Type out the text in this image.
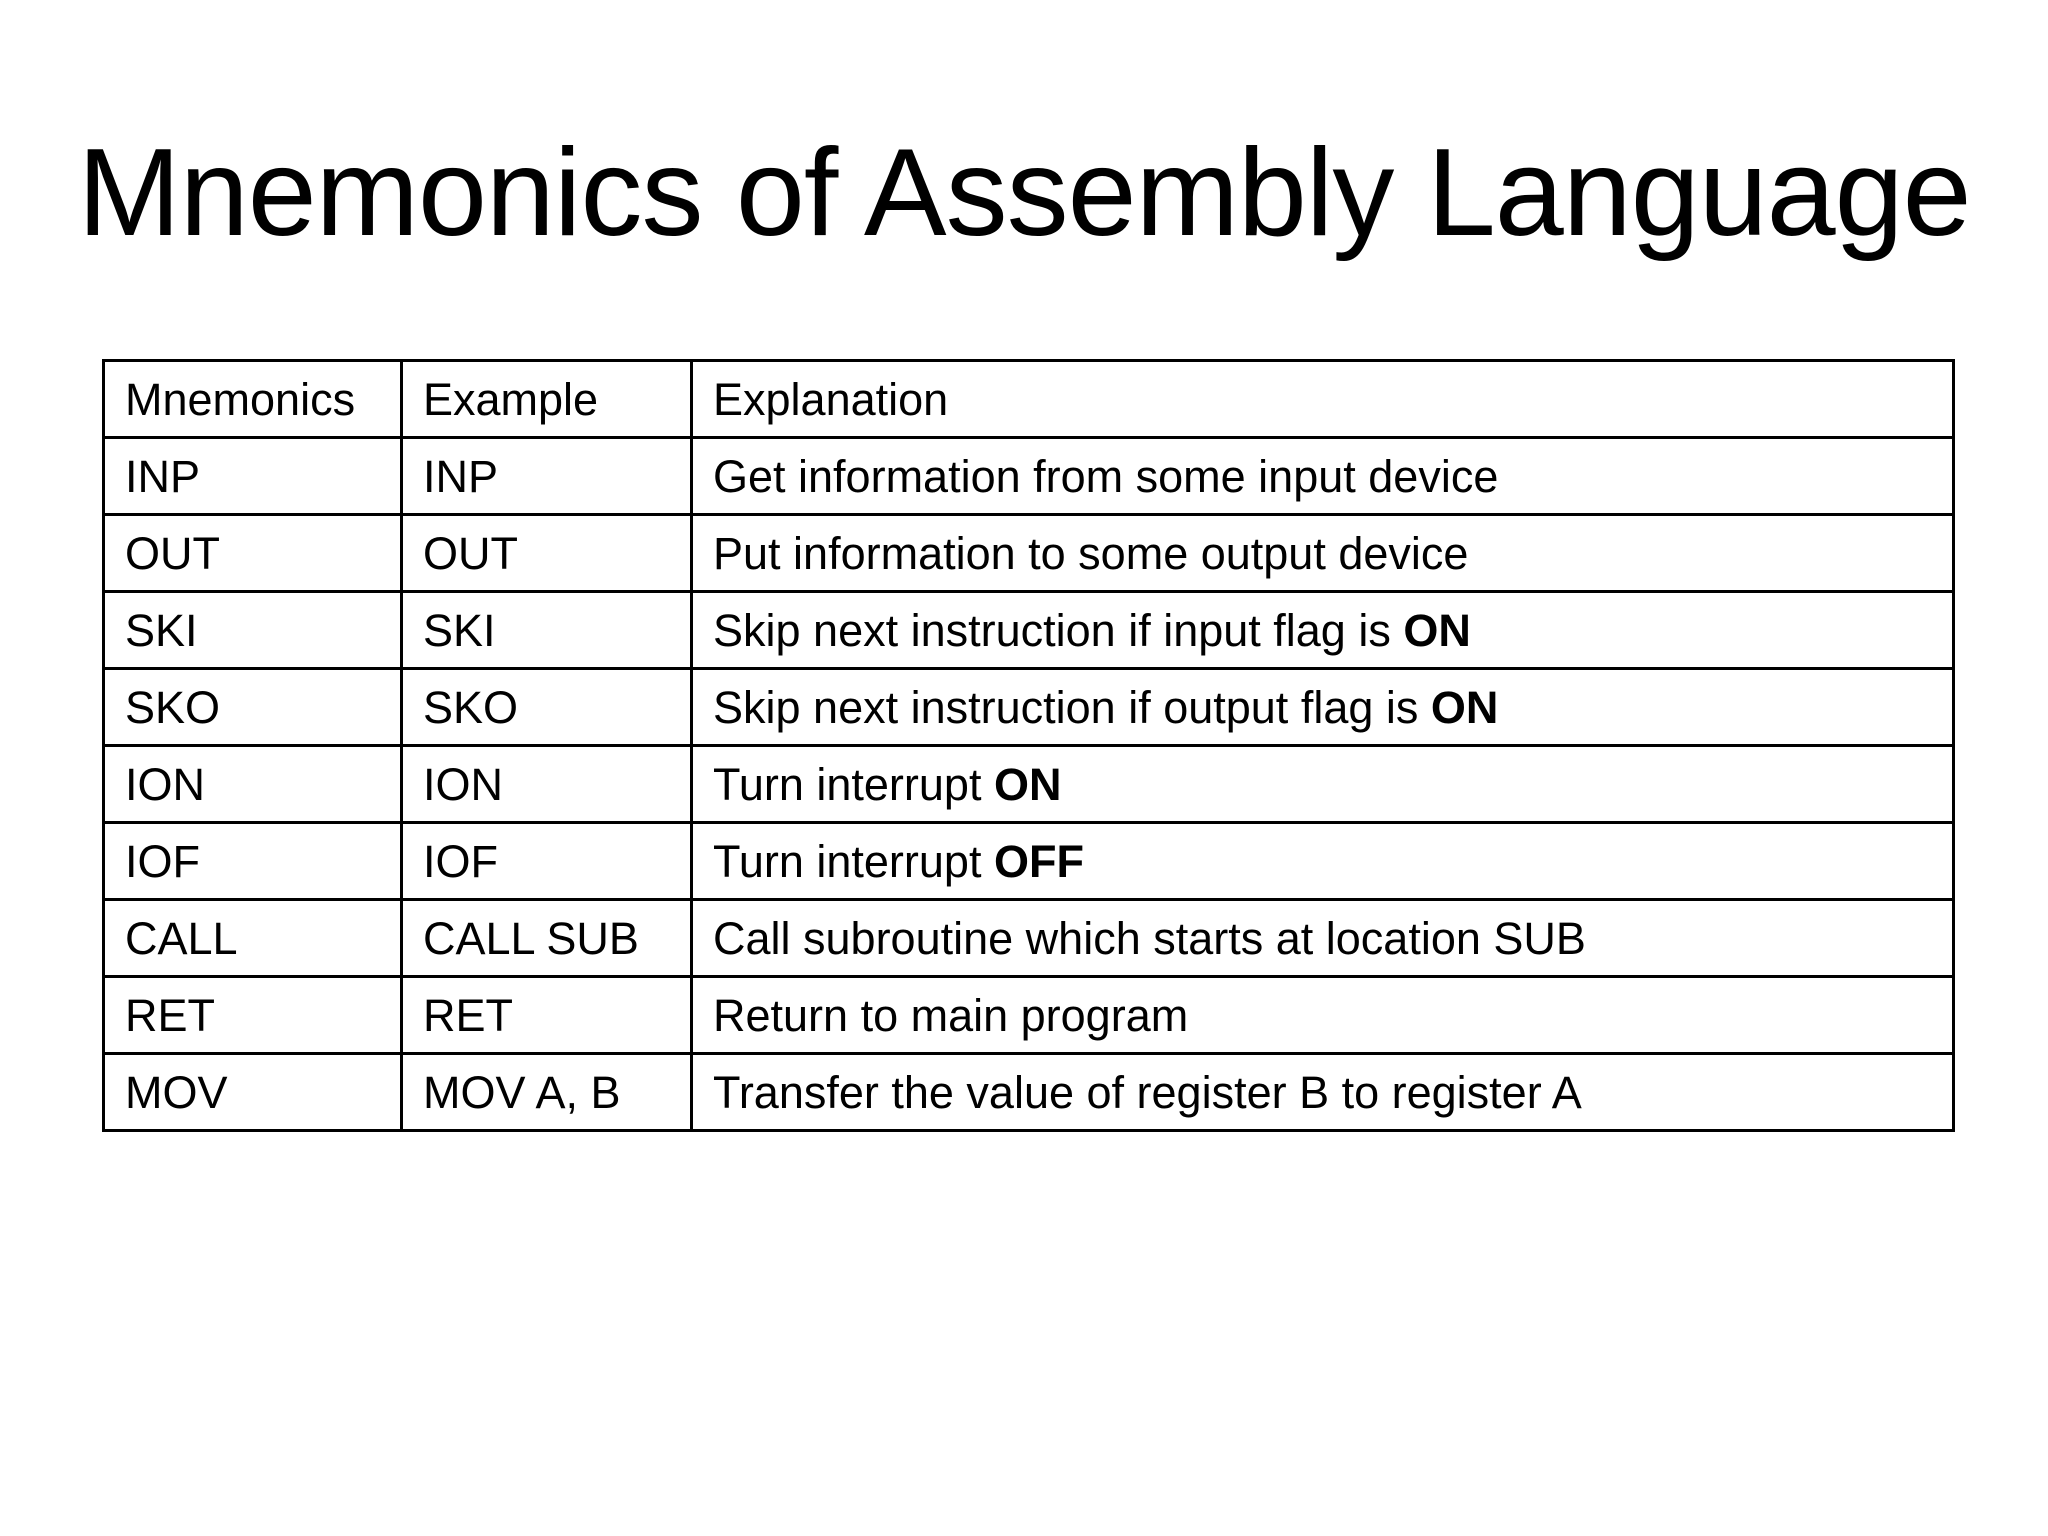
Mnemonics of Assembly Language
Mnemonics	Example	Explanation
INP	INP	Get information from some input device
OUT	OUT	Put information to some output device
SKI	SKI	Skip next instruction if input flag is ON
SKO	SKO	Skip next instruction if output flag is ON
ION	ION	Turn interrupt ON
IOF	IOF	Turn interrupt OFF
CALL	CALL SUB	Call subroutine which starts at location SUB
RET	RET	Return to main program
MOV	MOV A, B	Transfer the value of register B to register A
